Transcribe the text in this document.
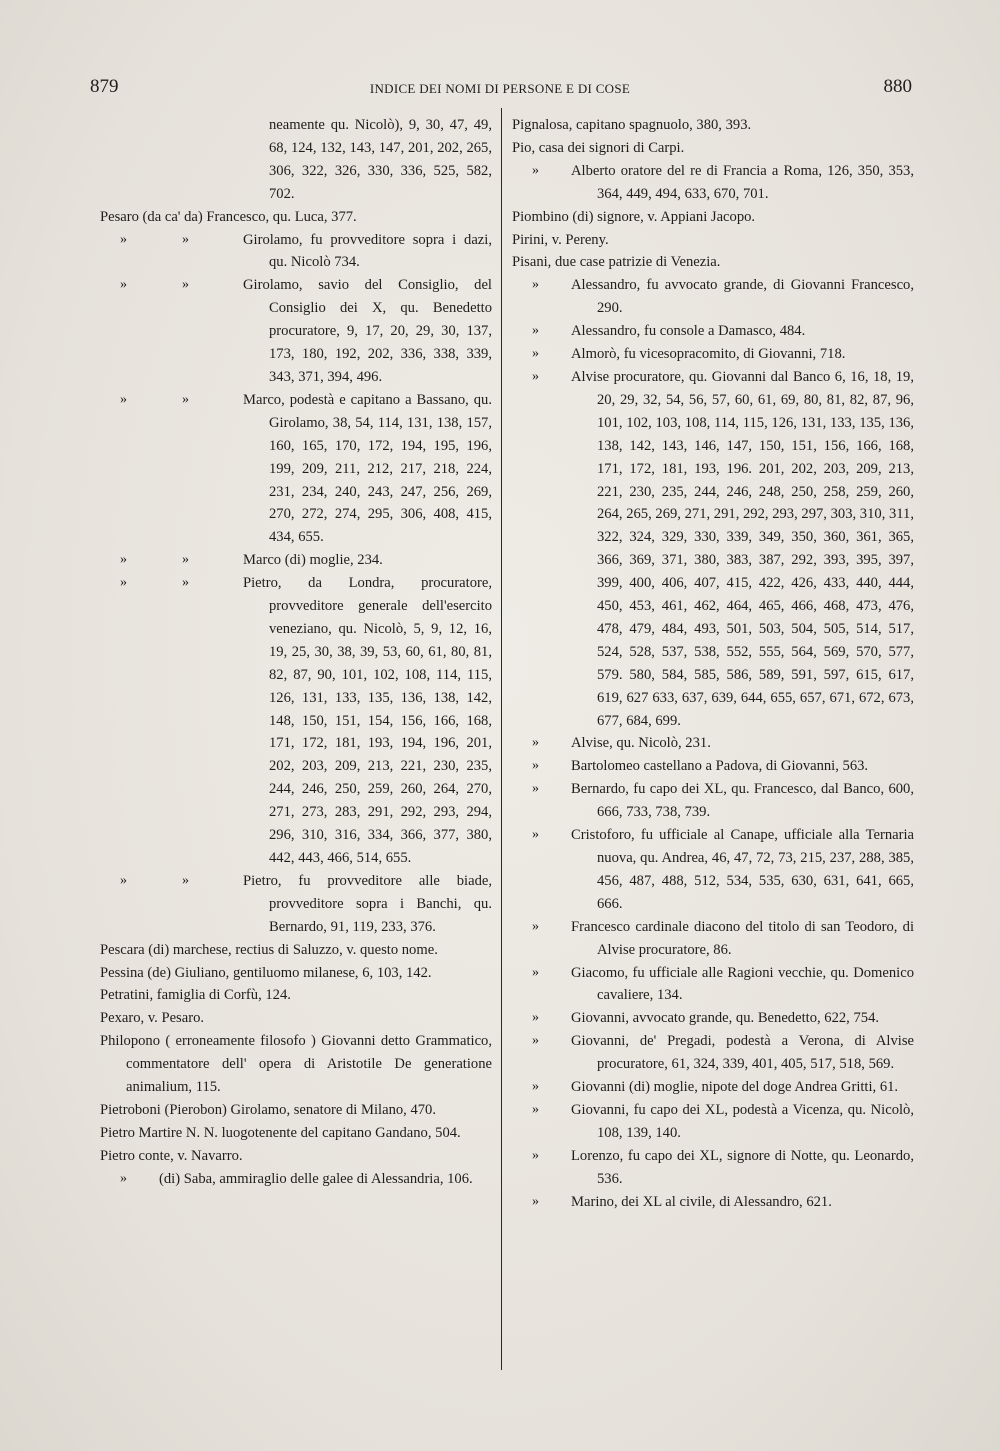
879	INDICE DEI NOMI DI PERSONE E DI COSE	880
neamente qu. Nicolò), 9, 30, 47, 49, 68, 124, 132, 143, 147, 201, 202, 265, 306, 322, 326, 330, 336, 525, 582, 702.
Pesaro (da ca' da) Francesco, qu. Luca, 377.
»	»	Girolamo, fu provveditore sopra i dazi, qu. Nicolò 734.
»	»	Girolamo, savio del Consiglio, del Consiglio dei X, qu. Benedetto procuratore, 9, 17, 20, 29, 30, 137, 173, 180, 192, 202, 336, 338, 339, 343, 371, 394, 496.
»	»	Marco, podestà e capitano a Bassano, qu. Girolamo, 38, 54, 114, 131, 138, 157, 160, 165, 170, 172, 194, 195, 196, 199, 209, 211, 212, 217, 218, 224, 231, 234, 240, 243, 247, 256, 269, 270, 272, 274, 295, 306, 408, 415, 434, 655.
»	»	Marco (di) moglie, 234.
»	»	Pietro, da Londra, procuratore, provveditore generale dell'esercito veneziano, qu. Nicolò, 5, 9, 12, 16, 19, 25, 30, 38, 39, 53, 60, 61, 80, 81, 82, 87, 90, 101, 102, 108, 114, 115, 126, 131, 133, 135, 136, 138, 142, 148, 150, 151, 154, 156, 166, 168, 171, 172, 181, 193, 194, 196, 201, 202, 203, 209, 213, 221, 230, 235, 244, 246, 250, 259, 260, 264, 270, 271, 273, 283, 291, 292, 293, 294, 296, 310, 316, 334, 366, 377, 380, 442, 443, 466, 514, 655.
»	»	Pietro, fu provveditore alle biade, provveditore sopra i Banchi, qu. Bernardo, 91, 119, 233, 376.
Pescara (di) marchese, rectius di Saluzzo, v. questo nome.
Pessina (de) Giuliano, gentiluomo milanese, 6, 103, 142.
Petratini, famiglia di Corfù, 124.
Pexaro, v. Pesaro.
Philopono ( erroneamente filosofo ) Giovanni detto Grammatico, commentatore dell' opera di Aristotile De generatione animalium, 115.
Pietroboni (Pierobon) Girolamo, senatore di Milano, 470.
Pietro Martire N. N. luogotenente del capitano Gandano, 504.
Pietro conte, v. Navarro.
» (di) Saba, ammiraglio delle galee di Alessandria, 106.
Pignalosa, capitano spagnuolo, 380, 393.
Pio, casa dei signori di Carpi.
» Alberto oratore del re di Francia a Roma, 126, 350, 353, 364, 449, 494, 633, 670, 701.
Piombino (di) signore, v. Appiani Jacopo.
Pirini, v. Pereny.
Pisani, due case patrizie di Venezia.
» Alessandro, fu avvocato grande, di Giovanni Francesco, 290.
» Alessandro, fu console a Damasco, 484.
» Almorò, fu vicesopracomito, di Giovanni, 718.
» Alvise procuratore, qu. Giovanni dal Banco 6, 16, 18, 19, 20, 29, 32, 54, 56, 57, 60, 61, 69, 80, 81, 82, 87, 96, 101, 102, 103, 108, 114, 115, 126, 131, 133, 135, 136, 138, 142, 143, 146, 147, 150, 151, 156, 166, 168, 171, 172, 181, 193, 196. 201, 202, 203, 209, 213, 221, 230, 235, 244, 246, 248, 250, 258, 259, 260, 264, 265, 269, 271, 291, 292, 293, 297, 303, 310, 311, 322, 324, 329, 330, 339, 349, 350, 360, 361, 365, 366, 369, 371, 380, 383, 387, 292, 393, 395, 397, 399, 400, 406, 407, 415, 422, 426, 433, 440, 444, 450, 453, 461, 462, 464, 465, 466, 468, 473, 476, 478, 479, 484, 493, 501, 503, 504, 505, 514, 517, 524, 528, 537, 538, 552, 555, 564, 569, 570, 577, 579. 580, 584, 585, 586, 589, 591, 597, 615, 617, 619, 627 633, 637, 639, 644, 655, 657, 671, 672, 673, 677, 684, 699.
» Alvise, qu. Nicolò, 231.
» Bartolomeo castellano a Padova, di Giovanni, 563.
» Bernardo, fu capo dei XL, qu. Francesco, dal Banco, 600, 666, 733, 738, 739.
» Cristoforo, fu ufficiale al Canape, ufficiale alla Ternaria nuova, qu. Andrea, 46, 47, 72, 73, 215, 237, 288, 385, 456, 487, 488, 512, 534, 535, 630, 631, 641, 665, 666.
» Francesco cardinale diacono del titolo di san Teodoro, di Alvise procuratore, 86.
» Giacomo, fu ufficiale alle Ragioni vecchie, qu. Domenico cavaliere, 134.
» Giovanni, avvocato grande, qu. Benedetto, 622, 754.
» Giovanni, de' Pregadi, podestà a Verona, di Alvise procuratore, 61, 324, 339, 401, 405, 517, 518, 569.
» Giovanni (di) moglie, nipote del doge Andrea Gritti, 61.
» Giovanni, fu capo dei XL, podestà a Vicenza, qu. Nicolò, 108, 139, 140.
» Lorenzo, fu capo dei XL, signore di Notte, qu. Leonardo, 536.
» Marino, dei XL al civile, di Alessandro, 621.
